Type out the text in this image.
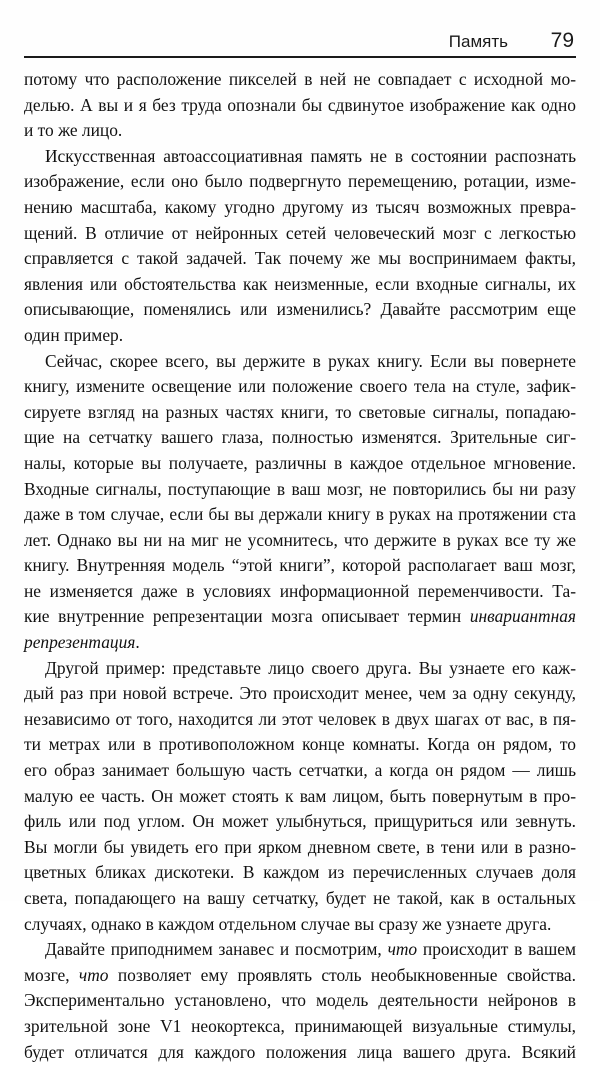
Память 79

потому что расположение пикселей в ней не совпадает с исходной мо-
делью. А вы и я без труда опознали бы сдвинутое изображение как одно
и то же лицо.

Искусственная автоассоциативная память не в состоянии распознать
изображение, если оно было подвергнуто перемещению, ротации, изме-
нению масштаба, какому угодно другому из тысяч возможных превра-
щений. В отличие от нейронных сетей человеческий мозг с легкостью
справляется с такой задачей. Так почему же мы воспринимаем факты,
явления или обстоятельства как неизменные, если входные сигналы, их
описывающие, поменялись или изменились? Давайте рассмотрим еще
один пример.

Сейчас, скорее всего, вы держите в руках книгу. Если вы повернете
книгу, измените освещение или положение своего тела на стуле, зафик-
сируете взгляд на разных частях книги, то световые сигналы, попадаю-
щие на сетчатку вашего глаза, полностью изменятся. Зрительные сиг-
налы, которые вы получаете, различны в каждое отдельное мгновение.
Входные сигналы, поступающие в ваш мозг, не повторились бы ни разу
даже в том случае, если бы вы держали книгу в руках на протяжении ста
лет. Однако вы ни на миг не усомнитесь, что держите в руках все ту же
книгу. Внутренняя модель “этой книги”, которой располагает ваш мозг,
не изменяется даже в условиях информационной переменчивости. Та-
кие внутренние репрезентации мозга описывает термин инвариантная
репрезентация.

Другой пример: представьте лицо своего друга. Вы узнаете его каж-
дый раз при новой встрече. Это происходит менее, чем за одну секунду,
независимо от того, находится ли этот человек в двух шагах от вас, в пя-
ти метрах или в противоположном конце комнаты. Когда он рядом, то
его образ занимает большую часть сетчатки, а когда он рядом — лишь
малую ее часть. Он может стоять к вам лицом, быть повернутым в про-
филь или под углом. Он может улыбнуться, прищуриться или зевнуть.
Вы могли бы увидеть его при ярком дневном свете, в тени или в разно-
цветных бликах дискотеки. В каждом из перечисленных случаев доля
света, попадающего на вашу сетчатку, будет не такой, как в остальных
случаях, однако в каждом отдельном случае вы сразу же узнаете друга.

Давайте приподнимем занавес и посмотрим, что происходит в вашем
мозге, что позволяет ему проявлять столь необыкновенные свойства.
Экспериментально установлено, что модель деятельности нейронов в
зрительной зоне V1 неокортекса, принимающей визуальные стимулы,
будет отличатся для каждого положения лица вашего друга. Всякий
